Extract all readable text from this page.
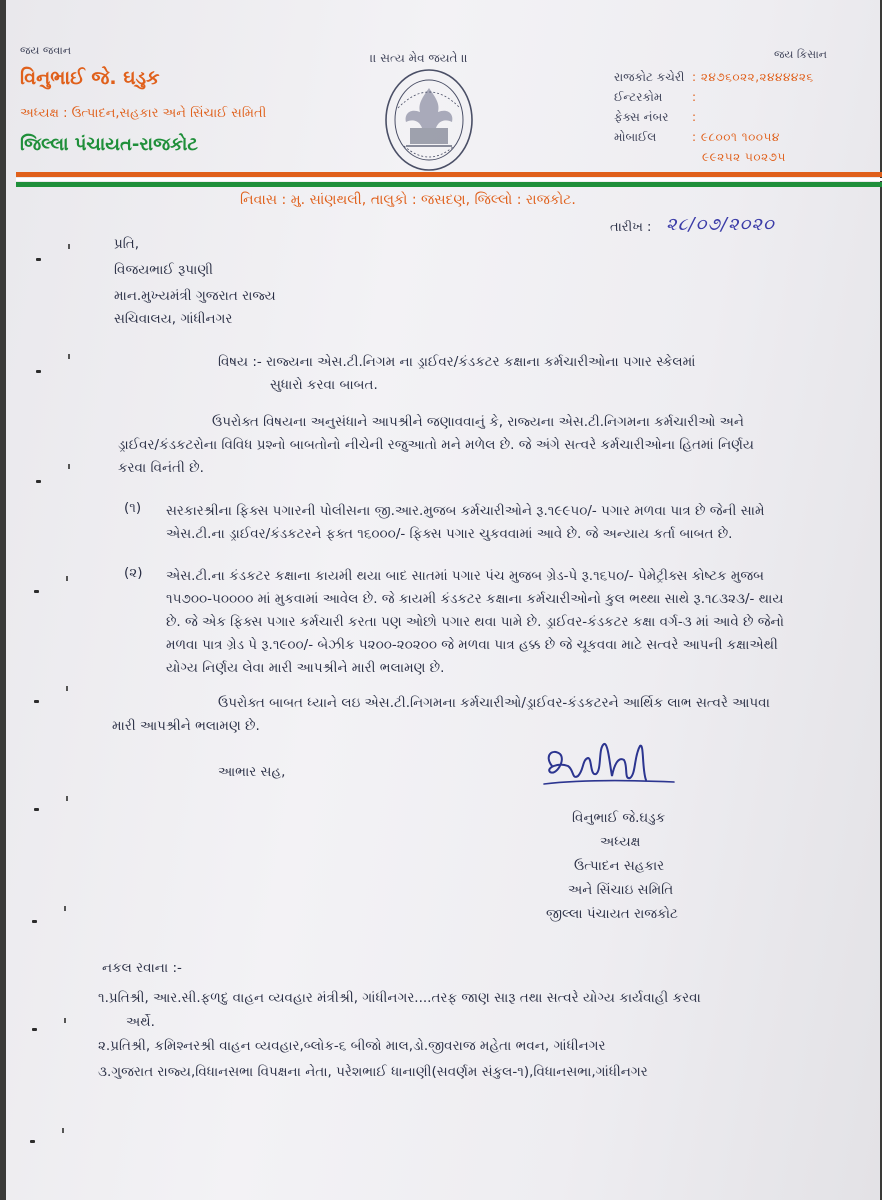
જય જવાન	જય કિસાન
।। સત્ય મેવ જયતે ।।
વિનુભાઈ જે. ઘડુક
અધ્યક્ષ : ઉત્પાદન,સહકાર અને સિંચાઈ સમિતી
જિલ્લા પંચાયત-રાજકોટ
રાજકોટ કચેરી : ૨૪૭૬૦૨૨,૨૪૪૪૪૨૬
ઈન્ટરકોમ :
ફેક્સ નંબર :
મોબાઈલ	: ૯૮૦૦૧ ૧૦૦૫૪
૯૯૨૫૨ ૫૦૨૭૫
નિવાસ : મુ. સાંણથલી, તાલુકો : જસદણ, જિલ્લો : રાજકોટ.
તારીખ : ૨૮/૦૭/૨૦૨૦
પ્રતિ,
વિજયભાઈ રૂપાણી
માન.મુખ્યમંત્રી ગુજરાત રાજ્ય
સચિવાલય, ગાંધીનગર
વિષય :- રાજ્યના એસ.ટી.નિગમ ના ડ્રાઈવર/કંડકટર કક્ષાના કર્મચારીઓના પગાર સ્કેલમાં
સુધારો કરવા બાબત.
ઉપરોક્ત વિષયના અનુસંધાને આપશ્રીને જણાવવાનું કે, રાજ્યના એસ.ટી.નિગમના કર્મચારીઓ અને ડ્રાઈવર/કંડકટરોના વિવિધ પ્રશ્નો બાબતોનો નીચેની રજુઆતો મને મળેલ છે. જે અંગે સત્વરે કર્મચારીઓના હિતમાં નિર્ણય કરવા વિનંતી છે.
(૧) સરકારશ્રીના ફિક્સ પગારની પોલીસના જી.આર.મુજબ કર્મચારીઓને રૂ.૧૯૯૫૦/- પગાર મળવા પાત્ર છે જેની સામે એસ.ટી.ના ડ્રાઈવર/કંડકટરને ફક્ત ૧૬૦૦૦/- ફિક્સ પગાર ચુકવવામાં આવે છે. જે અન્યાય કર્તા બાબત છે.
(૨) એસ.ટી.ના કંડકટર કક્ષાના કાયમી થયા બાદ સાતમાં પગાર પંચ મુજબ ગ્રેડ-પે રૂ.૧૬૫૦/- પેમેટ્રીક્સ કોષ્ટક મુજબ ૧૫૭૦૦-૫૦૦૦૦ માં મુકવામાં આવેલ છે. જે કાયમી કંડકટર કક્ષાના કર્મચારીઓનો કુલ ભથ્થા સાથે રૂ.૧૮૩૨૩/- થાય છે. જે એક ફિક્સ પગાર કર્મચારી કરતા પણ ઓછો પગાર થવા પામે છે. ડ્રાઈવર-કંડકટર કક્ષા વર્ગ-૩ માં આવે છે જેનો મળવા પાત્ર ગ્રેડ પે રૂ.૧૯૦૦/- બેઝીક ૫૨૦૦-૨૦૨૦૦ જે મળવા પાત્ર હક્ક છે જે ચૂકવવા માટે સત્વરે આપની કક્ષાએથી યોગ્ય નિર્ણય લેવા મારી આપશ્રીને મારી ભલામણ છે.
ઉપરોક્ત બાબત ધ્યાને લઇ એસ.ટી.નિગમના કર્મચારીઓ/ડ્રાઈવર-કંડકટરને આર્થિક લાભ સત્વરે આપવા મારી આપશ્રીને ભલામણ છે.
આભાર સહ,
વિનુભાઈ જે.ઘડુક
અધ્યક્ષ
ઉત્પાદન સહકાર
અને સિંચાઇ સમિતિ
જીલ્લા પંચાયત રાજકોટ
નકલ રવાના :-
૧.પ્રતિશ્રી, આર.સી.ફળદુ વાહન વ્યવહાર મંત્રીશ્રી, ગાંધીનગર....તરફ જાણ સારૂ તથા સત્વરે યોગ્ય કાર્યવાહી કરવા
અર્થે.
૨.પ્રતિશ્રી, કમિશ્નરશ્રી વાહન વ્યવહાર,બ્લોક-૬ બીજો માલ,ડો.જીવરાજ મહેતા ભવન, ગાંધીનગર
૩.ગુજરાત રાજ્ય,વિધાનસભા વિપક્ષના નેતા, પરેશભાઈ ધાનાણી(સવર્ણમ સંકુલ-૧),વિધાનસભા,ગાંધીનગર
